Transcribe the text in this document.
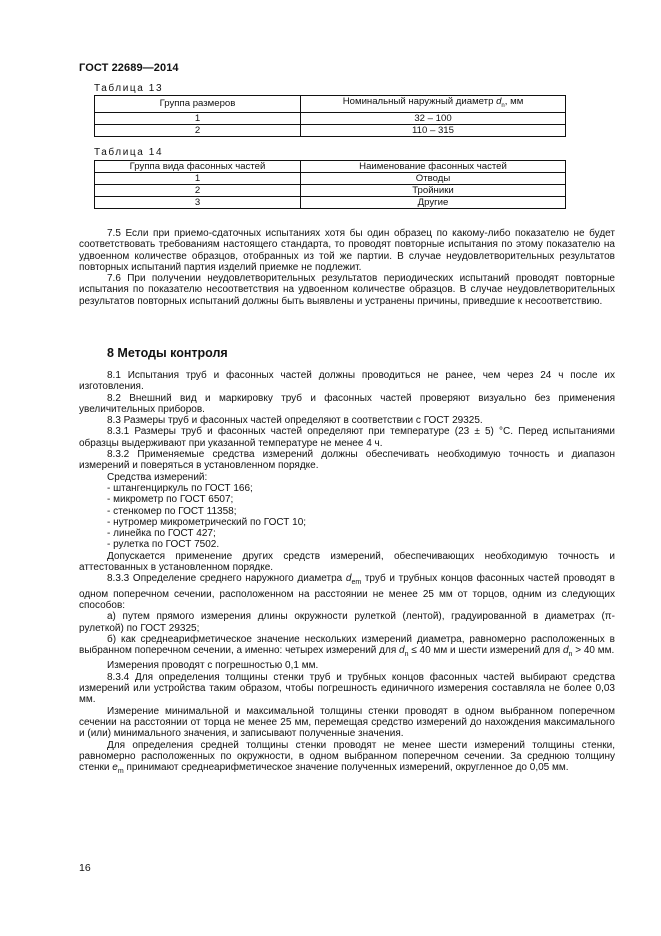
ГОСТ 22689—2014
Таблица 13
Группа размеров	Номинальный наружный диаметр $d_n$, мм
1	32 – 100
2	110 – 315
Таблица 14
Группа вида фасонных частей	Наименование фасонных частей
1	Отводы
2	Тройники
3	Другие

7.5 Если при приемо-сдаточных испытаниях хотя бы один образец по какому-либо показателю не будет соответствовать требованиям настоящего стандарта, то проводят повторные испытания по этому показателю на удвоенном количестве образцов, отобранных из той же партии. В случае неудовлетворительных результатов повторных испытаний партия изделий приемке не подлежит.

7.6 При получении неудовлетворительных результатов периодических испытаний проводят повторные испытания по показателю несоответствия на удвоенном количестве образцов. В случае неудовлетворительных результатов повторных испытаний должны быть выявлены и устранены причины, приведшие к несоответствию.

8 Методы контроля

8.1 Испытания труб и фасонных частей должны проводиться не ранее, чем через 24 ч после их изготовления.

8.2 Внешний вид и маркировку труб и фасонных частей проверяют визуально без применения увеличительных приборов.

8.3 Размеры труб и фасонных частей определяют в соответствии с ГОСТ 29325.

8.3.1 Размеры труб и фасонных частей определяют при температуре (23 ± 5) °С. Перед испытаниями образцы выдерживают при указанной температуре не менее 4 ч.

8.3.2 Применяемые средства измерений должны обеспечивать необходимую точность и диапазон измерений и поверяться в установленном порядке.

Средства измерений:

- штангенциркуль по ГОСТ 166;

- микрометр по ГОСТ 6507;

- стенкомер по ГОСТ 11358;

- нутромер микрометрический по ГОСТ 10;

- линейка по ГОСТ 427;

- рулетка по ГОСТ 7502.

Допускается применение других средств измерений, обеспечивающих необходимую точность и аттестованных в установленном порядке.

8.3.3 Определение среднего наружного диаметра $d_{em}$ труб и трубных концов фасонных частей проводят в одном поперечном сечении, расположенном на расстоянии не менее 25 мм от торцов, одним из следующих способов:

а) путем прямого измерения длины окружности рулеткой (лентой), градуированной в диаметрах (π-рулеткой) по ГОСТ 29325;

б) как среднеарифметическое значение нескольких измерений диаметра, равномерно расположенных в выбранном поперечном сечении, а именно: четырех измерений для $d_n \le 40$ мм и шести измерений для $d_n > 40$ мм.

Измерения проводят с погрешностью 0,1 мм.

8.3.4 Для определения толщины стенки труб и трубных концов фасонных частей выбирают средства измерений или устройства таким образом, чтобы погрешность единичного измерения составляла не более 0,03 мм.

Измерение минимальной и максимальной толщины стенки проводят в одном выбранном поперечном сечении на расстоянии от торца не менее 25 мм, перемещая средство измерений до нахождения максимального и (или) минимального значения, и записывают полученные значения.

Для определения средней толщины стенки проводят не менее шести измерений толщины стенки, равномерно расположенных по окружности, в одном выбранном поперечном сечении. За среднюю толщину стенки $e_m$ принимают среднеарифметическое значение полученных измерений, округленное до 0,05 мм.

16
